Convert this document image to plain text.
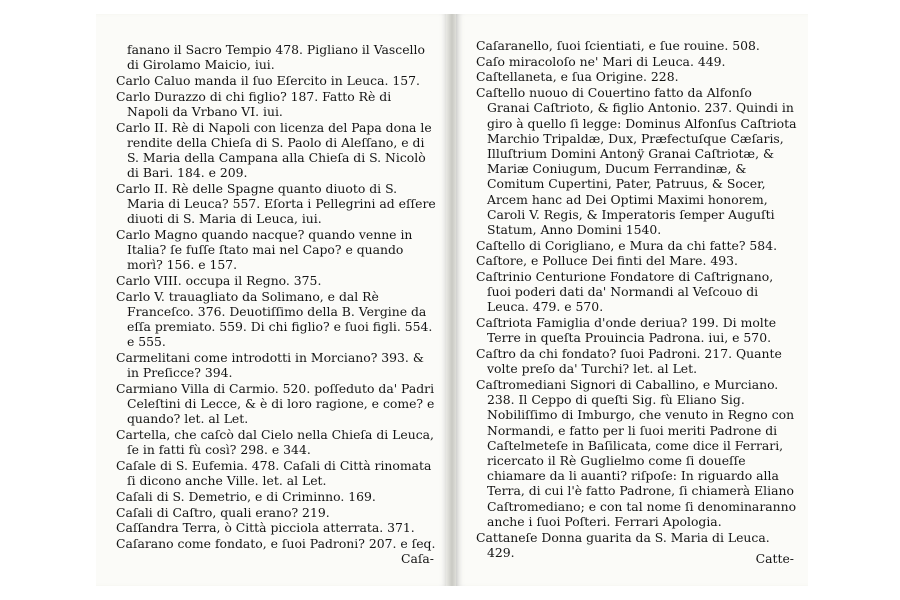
fanano il Sacro Tempio 478. Pigliano il Vascello di Girolamo Maicio, iui.

Carlo Caluo manda il ſuo Eſercito in Leuca. 157.

Carlo Durazzo di chi figlio? 187. Fatto Rè di Napoli da Vrbano VI. iui.

Carlo II. Rè di Napoli con licenza del Papa dona le rendite della Chieſa di S. Paolo di Aleſſano, e di S. Maria della Campana alla Chieſa di S. Nicolò di Bari. 184. e 209.

Carlo II. Rè delle Spagne quanto diuoto di S. Maria di Leuca? 557. Eſorta i Pellegrini ad eſſere diuoti di S. Maria di Leuca, iui.

Carlo Magno quando nacque? quando venne in Italia? ſe fuſſe ſtato mai nel Capo? e quando morì? 156. e 157.

Carlo VIII. occupa il Regno. 375.

Carlo V. trauagliato da Solimano, e dal Rè Franceſco. 376. Deuotiſſimo della B. Vergine da eſſa premiato. 559. Di chi figlio? e ſuoi figli. 554. e 555.

Carmelitani come introdotti in Morciano? 393. & in Preſicce? 394.

Carmiano Villa di Carmio. 520. poſſeduto da' Padri Celeſtini di Lecce, & è di loro ragione, e come? e quando? let. al Let.

Cartella, che caſcò dal Cielo nella Chieſa di Leuca, ſe in fatti fù così? 298. e 344.

Caſale di S. Eufemia. 478. Caſali di Città rinomata ſi dicono anche Ville. let. al Let.

Caſali di S. Demetrio, e di Criminno. 169.

Caſali di Caſtro, quali erano? 219.

Caſſandra Terra, ò Città picciola atterrata. 371.

Caſarano come fondato, e ſuoi Padroni? 207. e ſeq.

Caſa-

Caſaranello, ſuoi ſcientiati, e ſue rouine. 508.

Caſo miracoloſo ne' Mari di Leuca. 449.

Caſtellaneta, e ſua Origine. 228.

Caſtello nuouo di Couertino fatto da Alfonſo Granai Caſtrioto, & figlio Antonio. 237. Quindi in giro à quello ſi legge: Dominus Alfonſus Caſtriota Marchio Tripaldæ, Dux, Præfectuſque Cæſaris, Illuſtrium Domini Antonÿ Granai Caſtriotæ, & Mariæ Coniugum, Ducum Ferrandinæ, & Comitum Cupertini, Pater, Patruus, & Socer, Arcem hanc ad Dei Optimi Maximi honorem, Caroli V. Regis, & Imperatoris ſemper Auguſti Statum, Anno Domini 1540.

Caſtello di Corigliano, e Mura da chi fatte? 584.

Caſtore, e Polluce Dei finti del Mare. 493.

Caſtrinio Centurione Fondatore di Caſtrignano, ſuoi poderi dati da' Normandi al Veſcouo di Leuca. 479. e 570.

Caſtriota Famiglia d'onde deriua? 199. Di molte Terre in queſta Prouincia Padrona. iui, e 570.

Caſtro da chi fondato? ſuoi Padroni. 217. Quante volte preſo da' Turchi? let. al Let.

Caſtromediani Signori di Caballino, e Murciano. 238. Il Ceppo di queſti Sig. fù Eliano Sig. Nobiliſſimo di Imburgo, che venuto in Regno con Normandi, e fatto per li ſuoi meriti Padrone di Caſtelmeteſe in Baſilicata, come dice il Ferrari, ricercato il Rè Guglielmo come ſi doueſſe chiamare da li auanti? riſpoſe: In riguardo alla Terra, di cui l'è fatto Padrone, ſi chiamerà Eliano Caſtromediano; e con tal nome ſi denominaranno anche i ſuoi Poſteri. Ferrari Apologia.

Cattaneſe Donna guarita da S. Maria di Leuca. 429.	Catte-
